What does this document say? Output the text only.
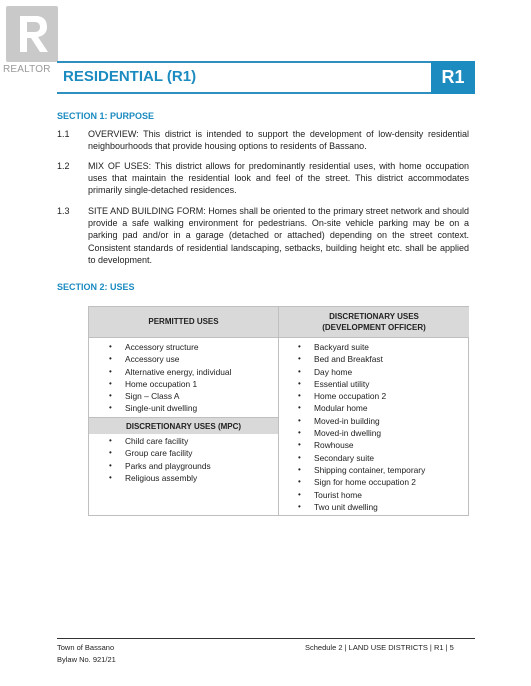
REALTOR RESIDENTIAL (R1)	R1
SECTION 1: PURPOSE
1.1 OVERVIEW: This district is intended to support the development of low-density residential neighbourhoods that provide housing options to residents of Bassano.
1.2 MIX OF USES: This district allows for predominantly residential uses, with home occupation uses that maintain the residential look and feel of the street. This district accommodates primarily single-detached residences.
1.3 SITE AND BUILDING FORM: Homes shall be oriented to the primary street network and should provide a safe walking environment for pedestrians. On-site vehicle parking may be on a parking pad and/or in a garage (detached or attached) depending on the street context. Consistent standards of residential landscaping, setbacks, building height etc. shall be applied to development.
SECTION 2: USES
PERMITTED USES
DISCRETIONARY USES
(DEVELOPMENT OFFICER)
• Accessory structure
• Accessory use
• Alternative energy, individual
• Home occupation 1
• Sign – Class A
• Single-unit dwelling
DISCRETIONARY USES (MPC)
• Child care facility
• Group care facility
• Parks and playgrounds
• Religious assembly
• Backyard suite
• Bed and Breakfast
• Day home
• Essential utility
• Home occupation 2
• Modular home
• Moved-in building
• Moved-in dwelling
• Rowhouse
• Secondary suite
• Shipping container, temporary
• Sign for home occupation 2
• Tourist home
• Two unit dwelling
Town of Bassano
Bylaw No. 921/21
Schedule 2 | LAND USE DISTRICTS | R1 | 5
